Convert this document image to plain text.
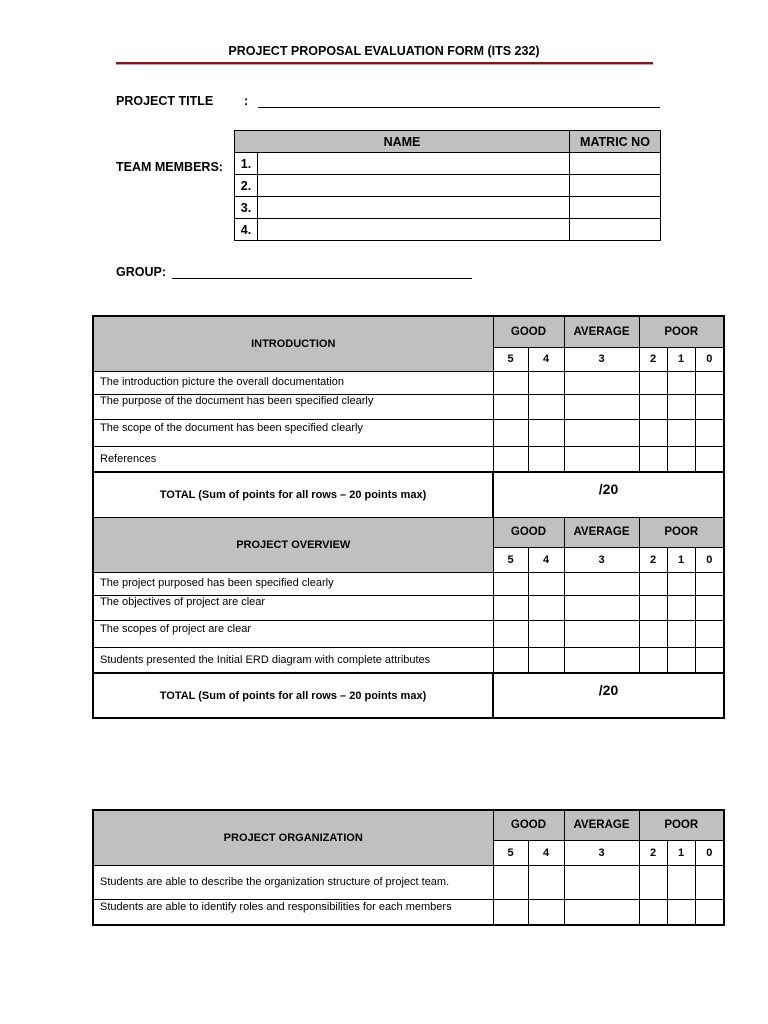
PROJECT PROPOSAL EVALUATION FORM (ITS 232)
PROJECT TITLE :
TEAM MEMBERS:
NAME		MATRIC NO
1.		
2.		
3.		
4.		
GROUP:
INTRODUCTION	GOOD		AVERAGE	POOR		
	5	4	3	2	1	0
The introduction picture the overall documentation						
The purpose of the document has been specified clearly						
The scope of the document has been specified clearly						
References						
TOTAL (Sum of points for all rows – 20 points max)	/20					
PROJECT OVERVIEW	GOOD		AVERAGE	POOR		
	5	4	3	2	1	0
The project purposed has been specified clearly						
The objectives of project are clear						
The scopes of project are clear						
Students presented the Initial ERD diagram with complete attributes						
TOTAL (Sum of points for all rows – 20 points max)	/20					
PROJECT ORGANIZATION	GOOD		AVERAGE	POOR		
	5	4	3	2	1	0
Students are able to describe the organization structure of project team.						
Students are able to identify roles and responsibilities for each members						
